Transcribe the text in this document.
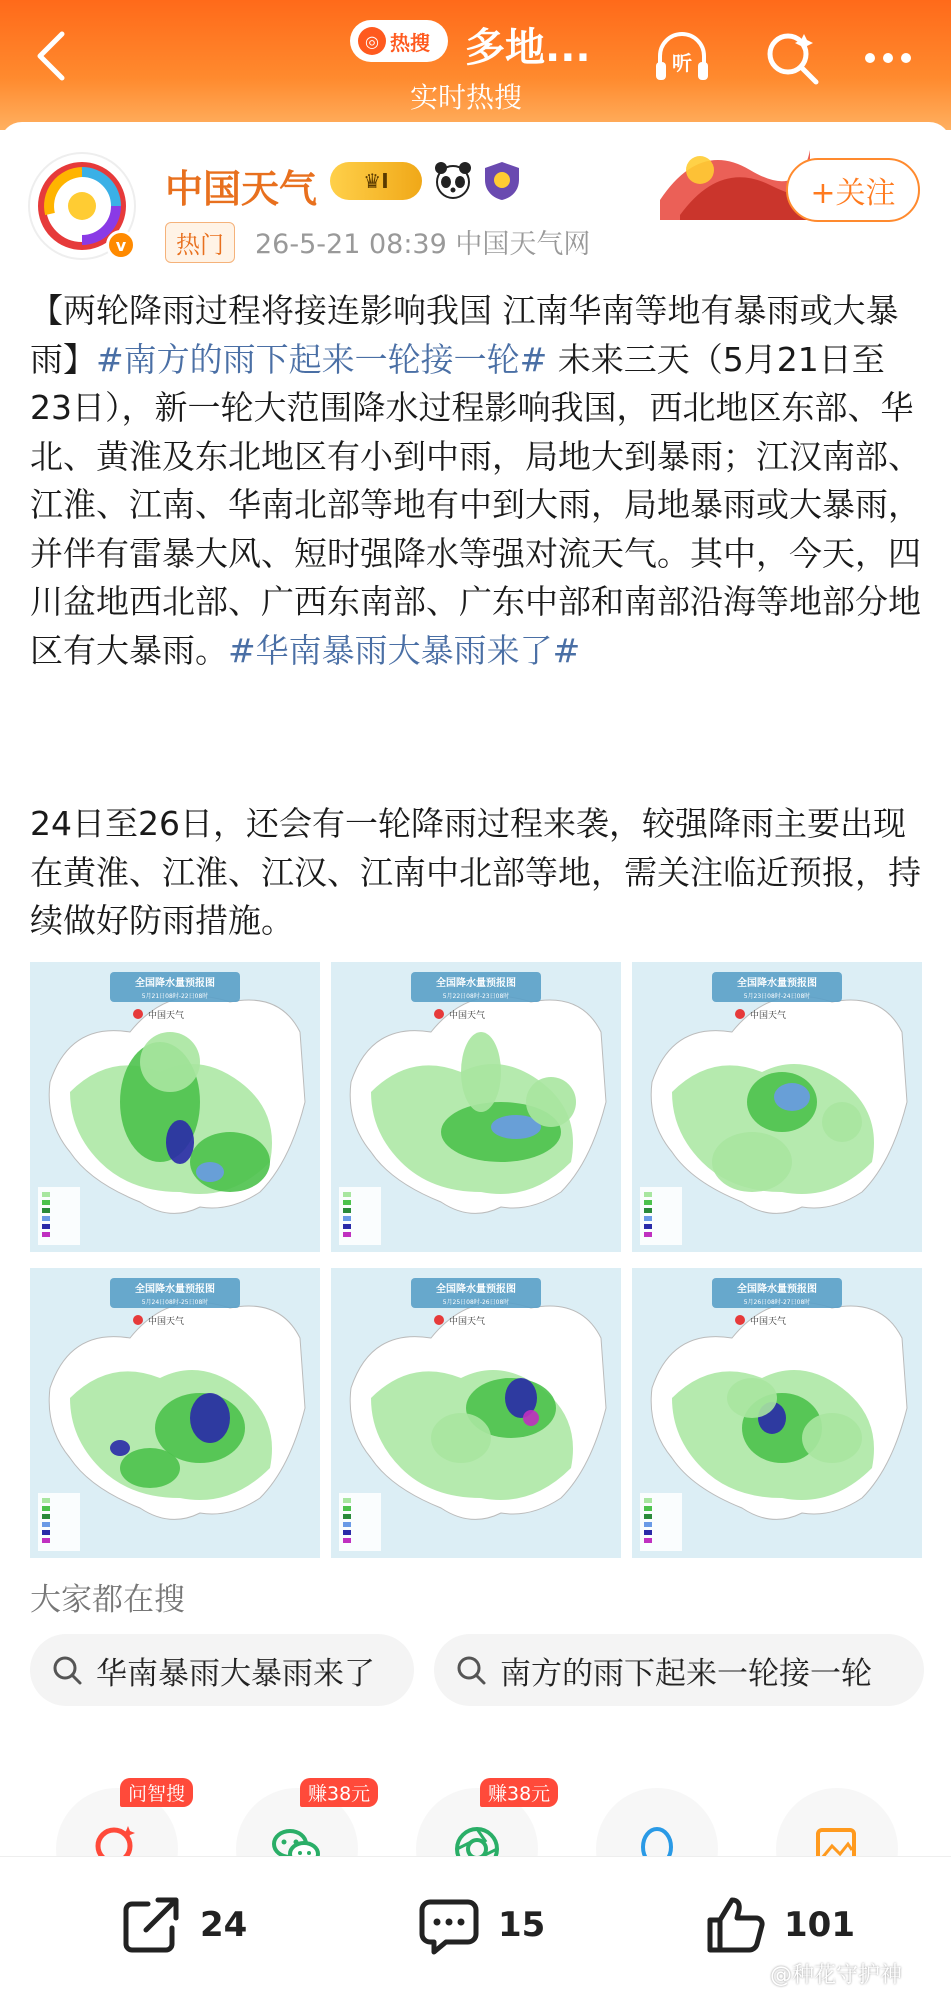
◎ 热搜 多地...
实时热搜
听
v
中国天气 ♛ I
热门	26-5-21 08:39 中国天气网
+关注
【两轮降雨过程将接连影响我国 江南华南等地有暴雨或大暴雨】#南方的雨下起来一轮接一轮# 未来三天（5月21日至23日），新一轮大范围降水过程影响我国，西北地区东部、华北、黄淮及东北地区有小到中雨，局地大到暴雨；江汉南部、江淮、江南、华南北部等地有中到大雨，局地暴雨或大暴雨，并伴有雷暴大风、短时强降水等强对流天气。其中，今天，四川盆地西北部、广西东南部、广东中部和南部沿海等地部分地区有大暴雨。#华南暴雨大暴雨来了#
24日至26日，还会有一轮降雨过程来袭，较强降雨主要出现在黄淮、江淮、江汉、江南中北部等地，需关注临近预报，持续做好防雨措施。
全国降水量预报图
5月21日08时-22日08时
中国天气
全国降水量预报图
5月22日08时-23日08时
中国天气
全国降水量预报图
5月23日08时-24日08时
中国天气
全国降水量预报图
5月24日08时-25日08时
中国天气
全国降水量预报图
5月25日08时-26日08时
中国天气
全国降水量预报图
5月26日08时-27日08时
中国天气
大家都在搜
华南暴雨大暴雨来了	南方的雨下起来一轮接一轮
问智搜	赚38元	赚38元
24	15	101
@种花守护神
